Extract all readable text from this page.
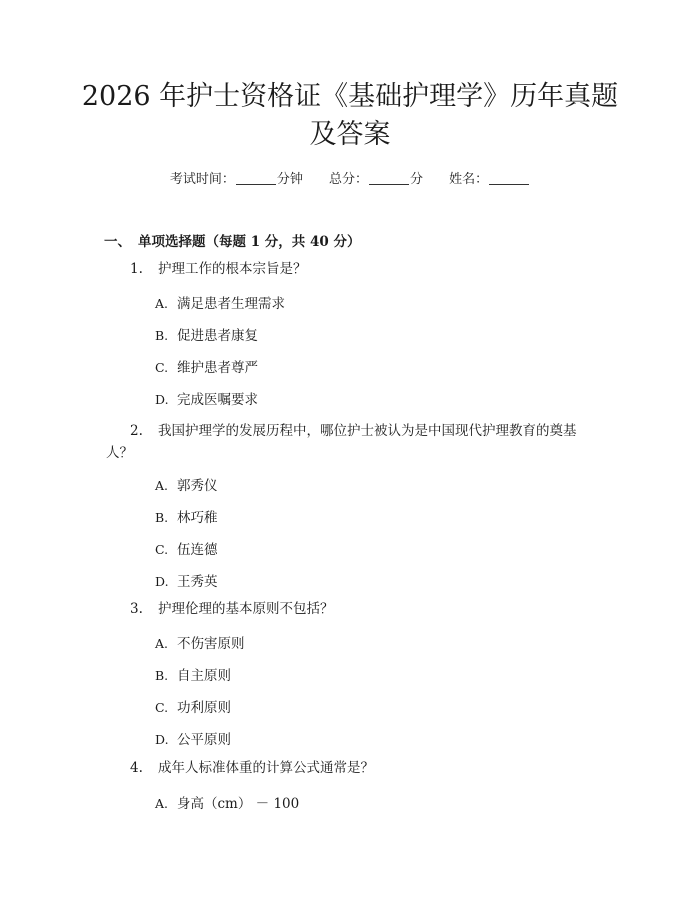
2026 年护士资格证《基础护理学》历年真题
及答案
考试时间：	分钟 总分：	分 姓名：
一、 单项选择题（每题 1 分，共 40 分）
1. 护理工作的根本宗旨是？
A. 满足患者生理需求
B. 促进患者康复
C. 维护患者尊严
D. 完成医嘱要求
2. 我国护理学的发展历程中，哪位护士被认为是中国现代护理教育的奠基
人？
A. 郭秀仪
B. 林巧稚
C. 伍连德
D. 王秀英
3. 护理伦理的基本原则不包括？
A. 不伤害原则
B. 自主原则
C. 功利原则
D. 公平原则
4. 成年人标准体重的计算公式通常是？
A. 身高（cm） － 100
